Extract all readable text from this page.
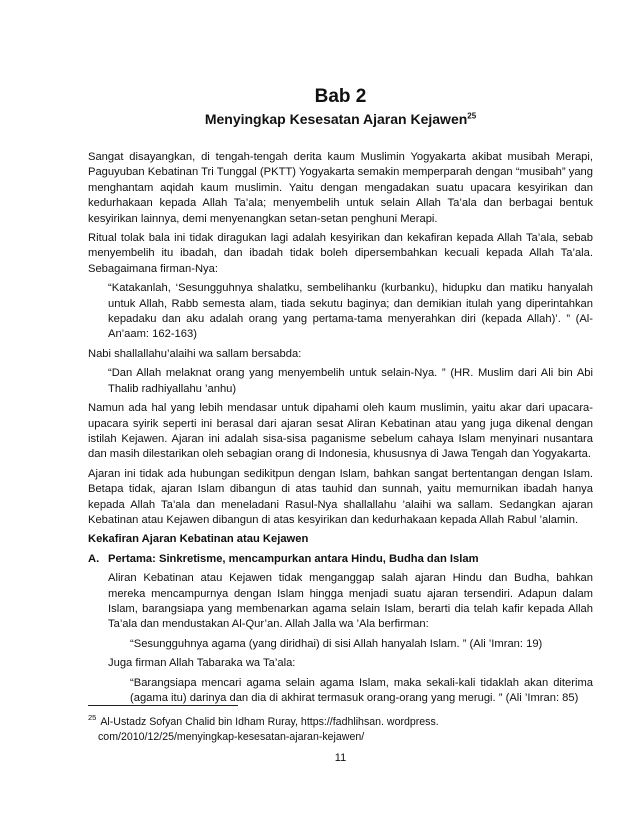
Bab 2
Menyingkap Kesesatan Ajaran Kejawen$^{25}$

Sangat disayangkan, di tengah-tengah derita kaum Muslimin Yogyakarta akibat musibah Merapi, Paguyuban Kebatinan Tri Tunggal (PKTT) Yogyakarta semakin memperparah dengan “musibah” yang menghantam aqidah kaum muslimin. Yaitu dengan mengadakan suatu upacara kesyirikan dan kedurhakaan kepada Allah Ta’ala; menyembelih untuk selain Allah Ta’ala dan berbagai bentuk kesyirikan lainnya, demi menyenangkan setan-setan penghuni Merapi.

Ritual tolak bala ini tidak diragukan lagi adalah kesyirikan dan kekafiran kepada Allah Ta’ala, sebab menyembelih itu ibadah, dan ibadah tidak boleh dipersembahkan kecuali kepada Allah Ta’ala. Sebagaimana firman-Nya:

“Katakanlah, ‘Sesungguhnya shalatku, sembelihanku (kurbanku), hidupku dan matiku hanyalah untuk Allah, Rabb semesta alam, tiada sekutu baginya; dan demikian itulah yang diperintahkan kepadaku dan aku adalah orang yang pertama-tama menyerahkan diri (kepada Allah)’. ” (Al-An’aam: 162-163)

Nabi shallallahu’alaihi wa sallam bersabda:

“Dan Allah melaknat orang yang menyembelih untuk selain-Nya. ” (HR. Muslim dari Ali bin Abi Thalib radhiyallahu ’anhu)

Namun ada hal yang lebih mendasar untuk dipahami oleh kaum muslimin, yaitu akar dari upacara-upacara syirik seperti ini berasal dari ajaran sesat Aliran Kebatinan atau yang juga dikenal dengan istilah Kejawen. Ajaran ini adalah sisa-sisa paganisme sebelum cahaya Islam menyinari nusantara dan masih dilestarikan oleh sebagian orang di Indonesia, khususnya di Jawa Tengah dan Yogyakarta.

Ajaran ini tidak ada hubungan sedikitpun dengan Islam, bahkan sangat bertentangan dengan Islam. Betapa tidak, ajaran Islam dibangun di atas tauhid dan sunnah, yaitu memurnikan ibadah hanya kepada Allah Ta’ala dan meneladani Rasul-Nya shallallahu ’alaihi wa sallam. Sedangkan ajaran Kebatinan atau Kejawen dibangun di atas kesyirikan dan kedurhakaan kepada Allah Rabul ’alamin.

Kekafiran Ajaran Kebatinan atau Kejawen

A. Pertama: Sinkretisme, mencampurkan antara Hindu, Budha dan Islam

Aliran Kebatinan atau Kejawen tidak menganggap salah ajaran Hindu dan Budha, bahkan mereka mencampurnya dengan Islam hingga menjadi suatu ajaran tersendiri. Adapun dalam Islam, barangsiapa yang membenarkan agama selain Islam, berarti dia telah kafir kepada Allah Ta’ala dan mendustakan Al-Qur’an. Allah Jalla wa ’Ala berfirman:

“Sesungguhnya agama (yang diridhai) di sisi Allah hanyalah Islam. ” (Ali ’Imran: 19)

Juga firman Allah Tabaraka wa Ta’ala:

“Barangsiapa mencari agama selain agama Islam, maka sekali-kali tidaklah akan diterima (agama itu) darinya dan dia di akhirat termasuk orang-orang yang merugi. ” (Ali ’Imran: 85)

$^{25}$ Al-Ustadz Sofyan Chalid bin Idham Ruray, https://fadhlihsan. wordpress.
com/2010/12/25/menyingkap-kesesatan-ajaran-kejawen/
11
